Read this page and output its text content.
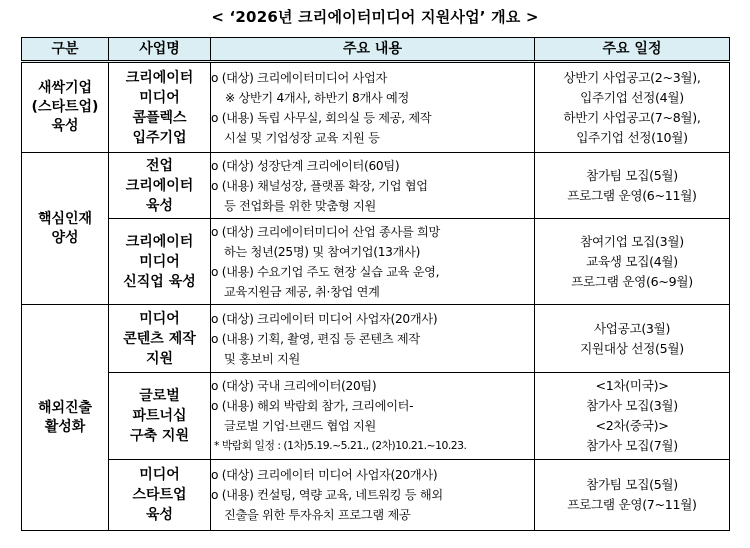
< ‘2026년 크리에이터미디어 지원사업’ 개요 >
구분	사업명	주요 내용	주요 일정

새싹기업
(스타트업)
육성	크리에이터
미디어
콤플렉스
입주기업	o (대상) 크리에이터미디어 사업자
※ 상반기 4개사, 하반기 8개사 예정
o (내용) 독립 사무실, 회의실 등 제공, 제작
시설 및 기업성장 교육 지원 등	상반기 사업공고(2~3월),
입주기업 선정(4월)
하반기 사업공고(7~8월),
입주기업 선정(10월)

핵심인재
양성	전업
크리에이터
육성	o (대상) 성장단계 크리에이터(60팀)
o (내용) 채널성장, 플랫폼 확장, 기업 협업
등 전업화를 위한 맞춤형 지원	참가팀 모집(5월)
프로그램 운영(6~11월)

	크리에이터
미디어
신직업 육성	o (대상) 크리에이터미디어 산업 종사를 희망
하는 청년(25명) 및 참여기업(13개사)
o (내용) 수요기업 주도 현장 실습 교육 운영,
교육지원금 제공, 취·창업 연계	참여기업 모집(3월)
교육생 모집(4월)
프로그램 운영(6~9월)

해외진출
활성화	미디어
콘텐츠 제작
지원	o (대상) 크리에이터 미디어 사업자(20개사)
o (내용) 기획, 촬영, 편집 등 콘텐츠 제작
및 홍보비 지원	사업공고(3월)
지원대상 선정(5월)

	글로벌
파트너십
구축 지원	o (대상) 국내 크리에이터(20팀)
o (내용) 해외 박람회 참가, 크리에이터-
글로벌 기업·브랜드 협업 지원
* 박람회 일정 : (1차)5.19.~5.21., (2차)10.21.~10.23.	<1차(미국)>
참가사 모집(3월)
<2차(중국)>
참가사 모집(7월)

	미디어
스타트업
육성	o (대상) 크리에이터 미디어 사업자(20개사)
o (내용) 컨설팅, 역량 교육, 네트워킹 등 해외
진출을 위한 투자유치 프로그램 제공	참가팀 모집(5월)
프로그램 운영(7~11월)
